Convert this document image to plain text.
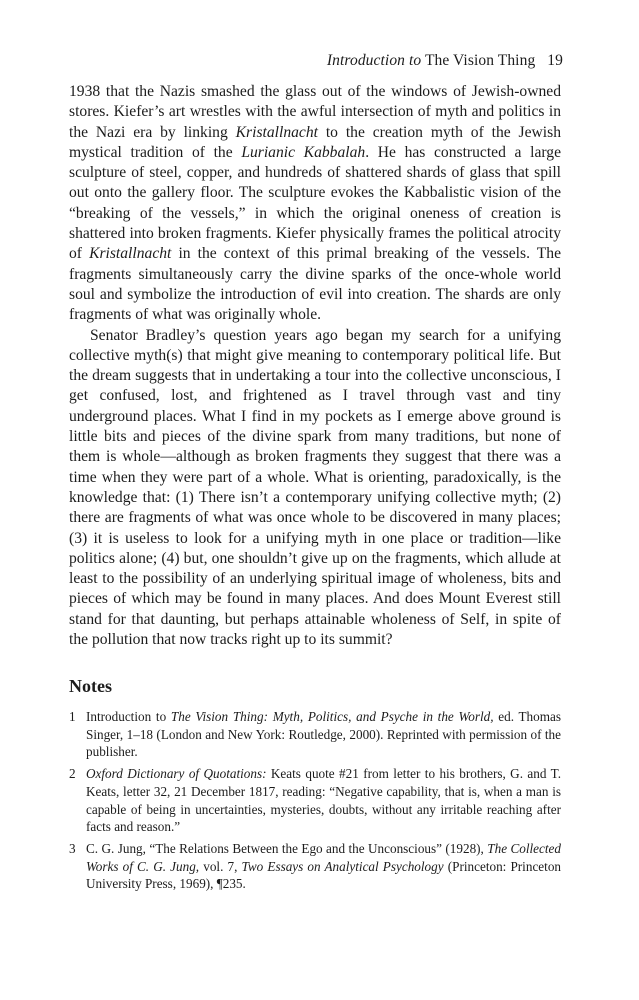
Introduction to The Vision Thing 19

1938 that the Nazis smashed the glass out of the windows of Jewish-owned stores. Kiefer’s art wrestles with the awful intersection of myth and politics in the Nazi era by linking Kristallnacht to the creation myth of the Jewish mystical tradition of the Lurianic Kabbalah. He has constructed a large sculpture of steel, copper, and hundreds of shattered shards of glass that spill out onto the gallery floor. The sculpture evokes the Kabbalistic vision of the “breaking of the vessels,” in which the original oneness of creation is shattered into broken fragments. Kiefer physically frames the political atrocity of Kristallnacht in the context of this primal breaking of the vessels. The fragments simultaneously carry the divine sparks of the once-whole world soul and symbolize the introduction of evil into creation. The shards are only fragments of what was originally whole.

Senator Bradley’s question years ago began my search for a unifying collective myth(s) that might give meaning to contemporary political life. But the dream suggests that in undertaking a tour into the collective unconscious, I get confused, lost, and frightened as I travel through vast and tiny underground places. What I find in my pockets as I emerge above ground is little bits and pieces of the divine spark from many traditions, but none of them is whole—although as broken fragments they suggest that there was a time when they were part of a whole. What is orienting, paradoxically, is the knowledge that: (1) There isn’t a contemporary unifying collective myth; (2) there are fragments of what was once whole to be discovered in many places; (3) it is useless to look for a unifying myth in one place or tradition—like politics alone; (4) but, one shouldn’t give up on the fragments, which allude at least to the possibility of an underlying spiritual image of wholeness, bits and pieces of which may be found in many places. And does Mount Everest still stand for that daunting, but perhaps attainable wholeness of Self, in spite of the pollution that now tracks right up to its summit?

Notes
1 Introduction to The Vision Thing: Myth, Politics, and Psyche in the World, ed. Thomas Singer, 1–18 (London and New York: Routledge, 2000). Reprinted with permission of the publisher.
2 Oxford Dictionary of Quotations: Keats quote #21 from letter to his brothers, G. and T. Keats, letter 32, 21 December 1817, reading: “Negative capability, that is, when a man is capable of being in uncertainties, mysteries, doubts, without any irritable reaching after facts and reason.”
3 C. G. Jung, “The Relations Between the Ego and the Unconscious” (1928), The Collected Works of C. G. Jung, vol. 7, Two Essays on Analytical Psychology (Princeton: Princeton University Press, 1969), ¶235.
